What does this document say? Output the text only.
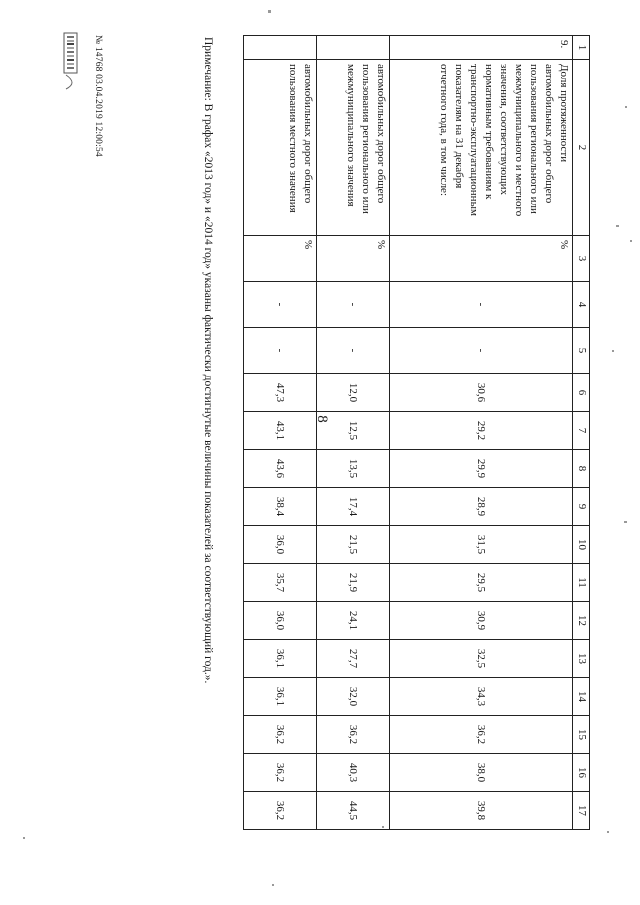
8
1	2	3	4	5	6	7	8	9	10	11	12	13	14	15	16	17
9.	Доля протяженности автомобильных дорог общего пользования регионального или межмуниципального и местного значения, соответствующих нормативным требованиям к транспортно-эксплуатационным показателям на 31 декабря отчетного года, в том числе:	%	-	-	30,6	29,2	29,9	28,9	31,5	29,5	30,9	32,5	34,3	36,2	38,0	39,8
	автомобильных дорог общего пользования регионального или межмуниципального значения	%	-	-	12,0	12,5	13,5	17,4	21,5	21,9	24,1	27,7	32,0	36,2	40,3	44,5
	автомобильных дорог общего пользования местного значения	%	-	-	47,3	43,1	43,6	38,4	36,0	35,7	36,0	36,1	36,1	36,2	36,2	36,2
Примечание: В графах «2013 год» и «2014 год» указаны фактически достигнутые величины показателей за соответствующий год.».
№ 14768 03.04.2019 12:00:54
